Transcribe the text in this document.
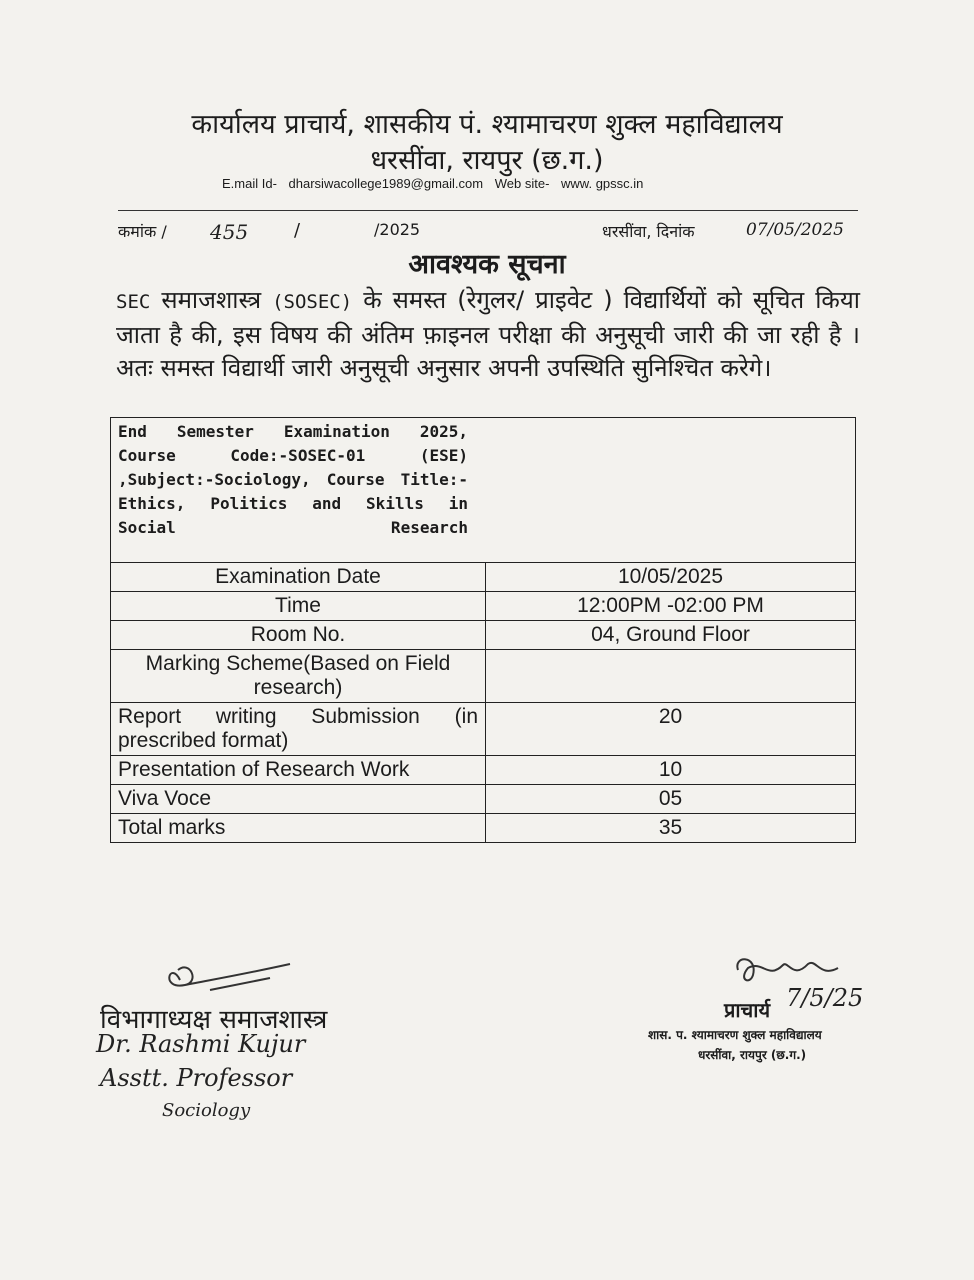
कार्यालय प्राचार्य, शासकीय पं. श्यामाचरण शुक्ल महाविद्यालय
धरसींवा, रायपुर (छ.ग.)
E.mail Id- dharsiwacollege1989@gmail.com Web site- www. gpssc.in
कमांक / 455	/	/2025	धरसींवा, दिनांक	07/05/2025
आवश्यक सूचना
SEC समाजशास्त्र (SOSEC) के समस्त (रेगुलर/ प्राइवेट ) विद्यार्थियों को सूचित किया जाता है की, इस विषय की अंतिम फ़ाइनल परीक्षा की अनुसूची जारी की जा रही है । अतः समस्त विद्यार्थी जारी अनुसूची अनुसार अपनी उपस्थिति सुनिश्चित करेगे।
End Semester Examination 2025, Course Code:-SOSEC-01 (ESE) ,Subject:-Sociology, Course Title:-Ethics, Politics and Skills in Social Research	

Examination Date	10/05/2025
Time	12:00PM -02:00 PM
Room No.	04, Ground Floor
Marking Scheme(Based on Field research)	
Report writing Submission (in prescribed format)	20
Presentation of Research Work	10
Viva Voce	05
Total marks	35
विभागाध्यक्ष समाजशास्त्र
Dr. Rashmi Kujur
Asstt. Professor
Sociology
प्राचार्य 7/5/25
शास. प. श्यामाचरण शुक्ल महाविद्यालय
धरसींवा, रायपुर (छ.ग.)
